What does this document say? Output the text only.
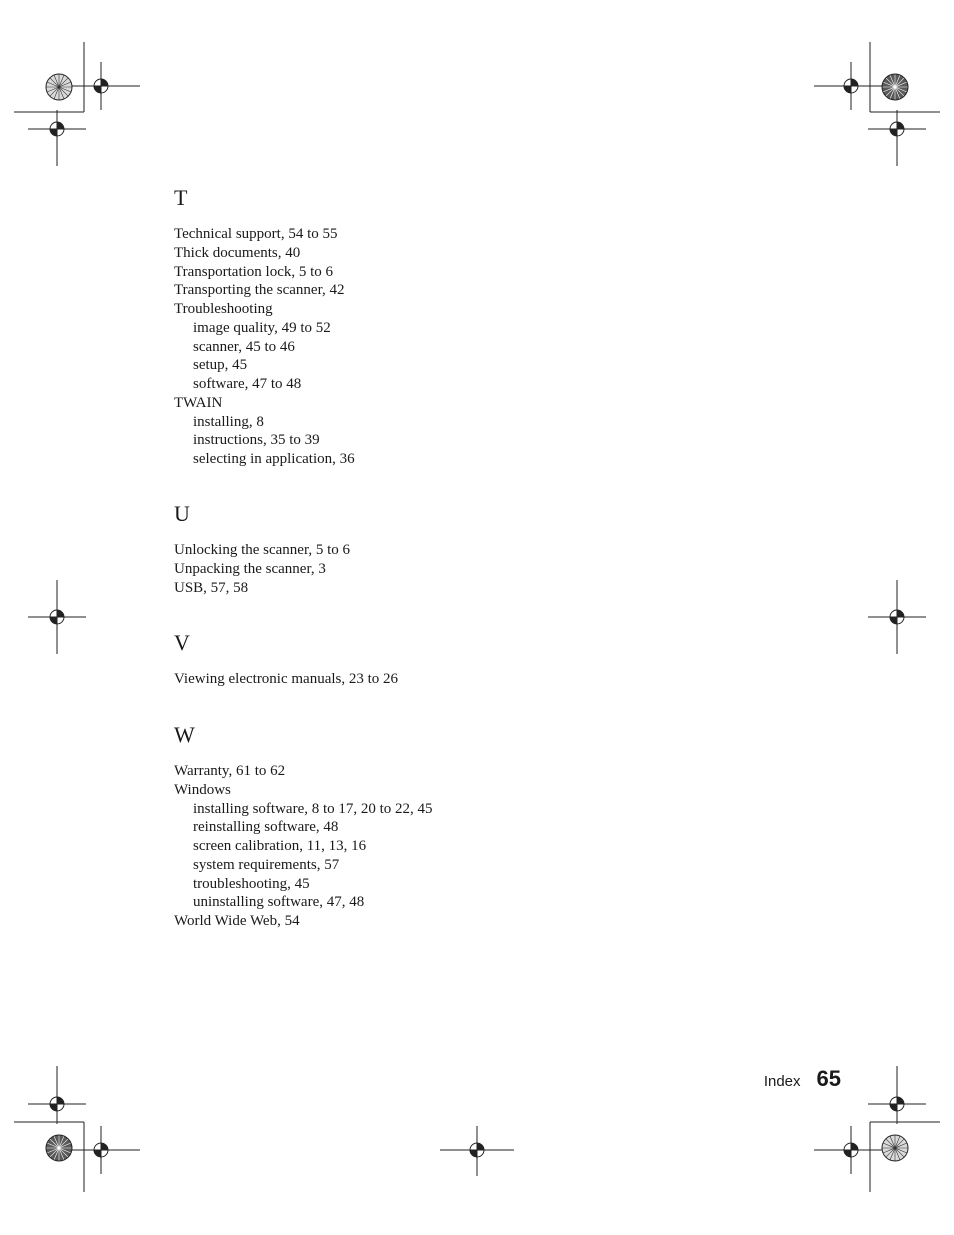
T
Technical support, 54 to 55
Thick documents, 40
Transportation lock, 5 to 6
Transporting the scanner, 42
Troubleshooting
image quality, 49 to 52
scanner, 45 to 46
setup, 45
software, 47 to 48
TWAIN
installing, 8
instructions, 35 to 39
selecting in application, 36
U
Unlocking the scanner, 5 to 6
Unpacking the scanner, 3
USB, 57, 58
V
Viewing electronic manuals, 23 to 26
W
Warranty, 61 to 62
Windows
installing software, 8 to 17, 20 to 22, 45
reinstalling software, 48
screen calibration, 11, 13, 16
system requirements, 57
troubleshooting, 45
uninstalling software, 47, 48
World Wide Web, 54
Index 65
